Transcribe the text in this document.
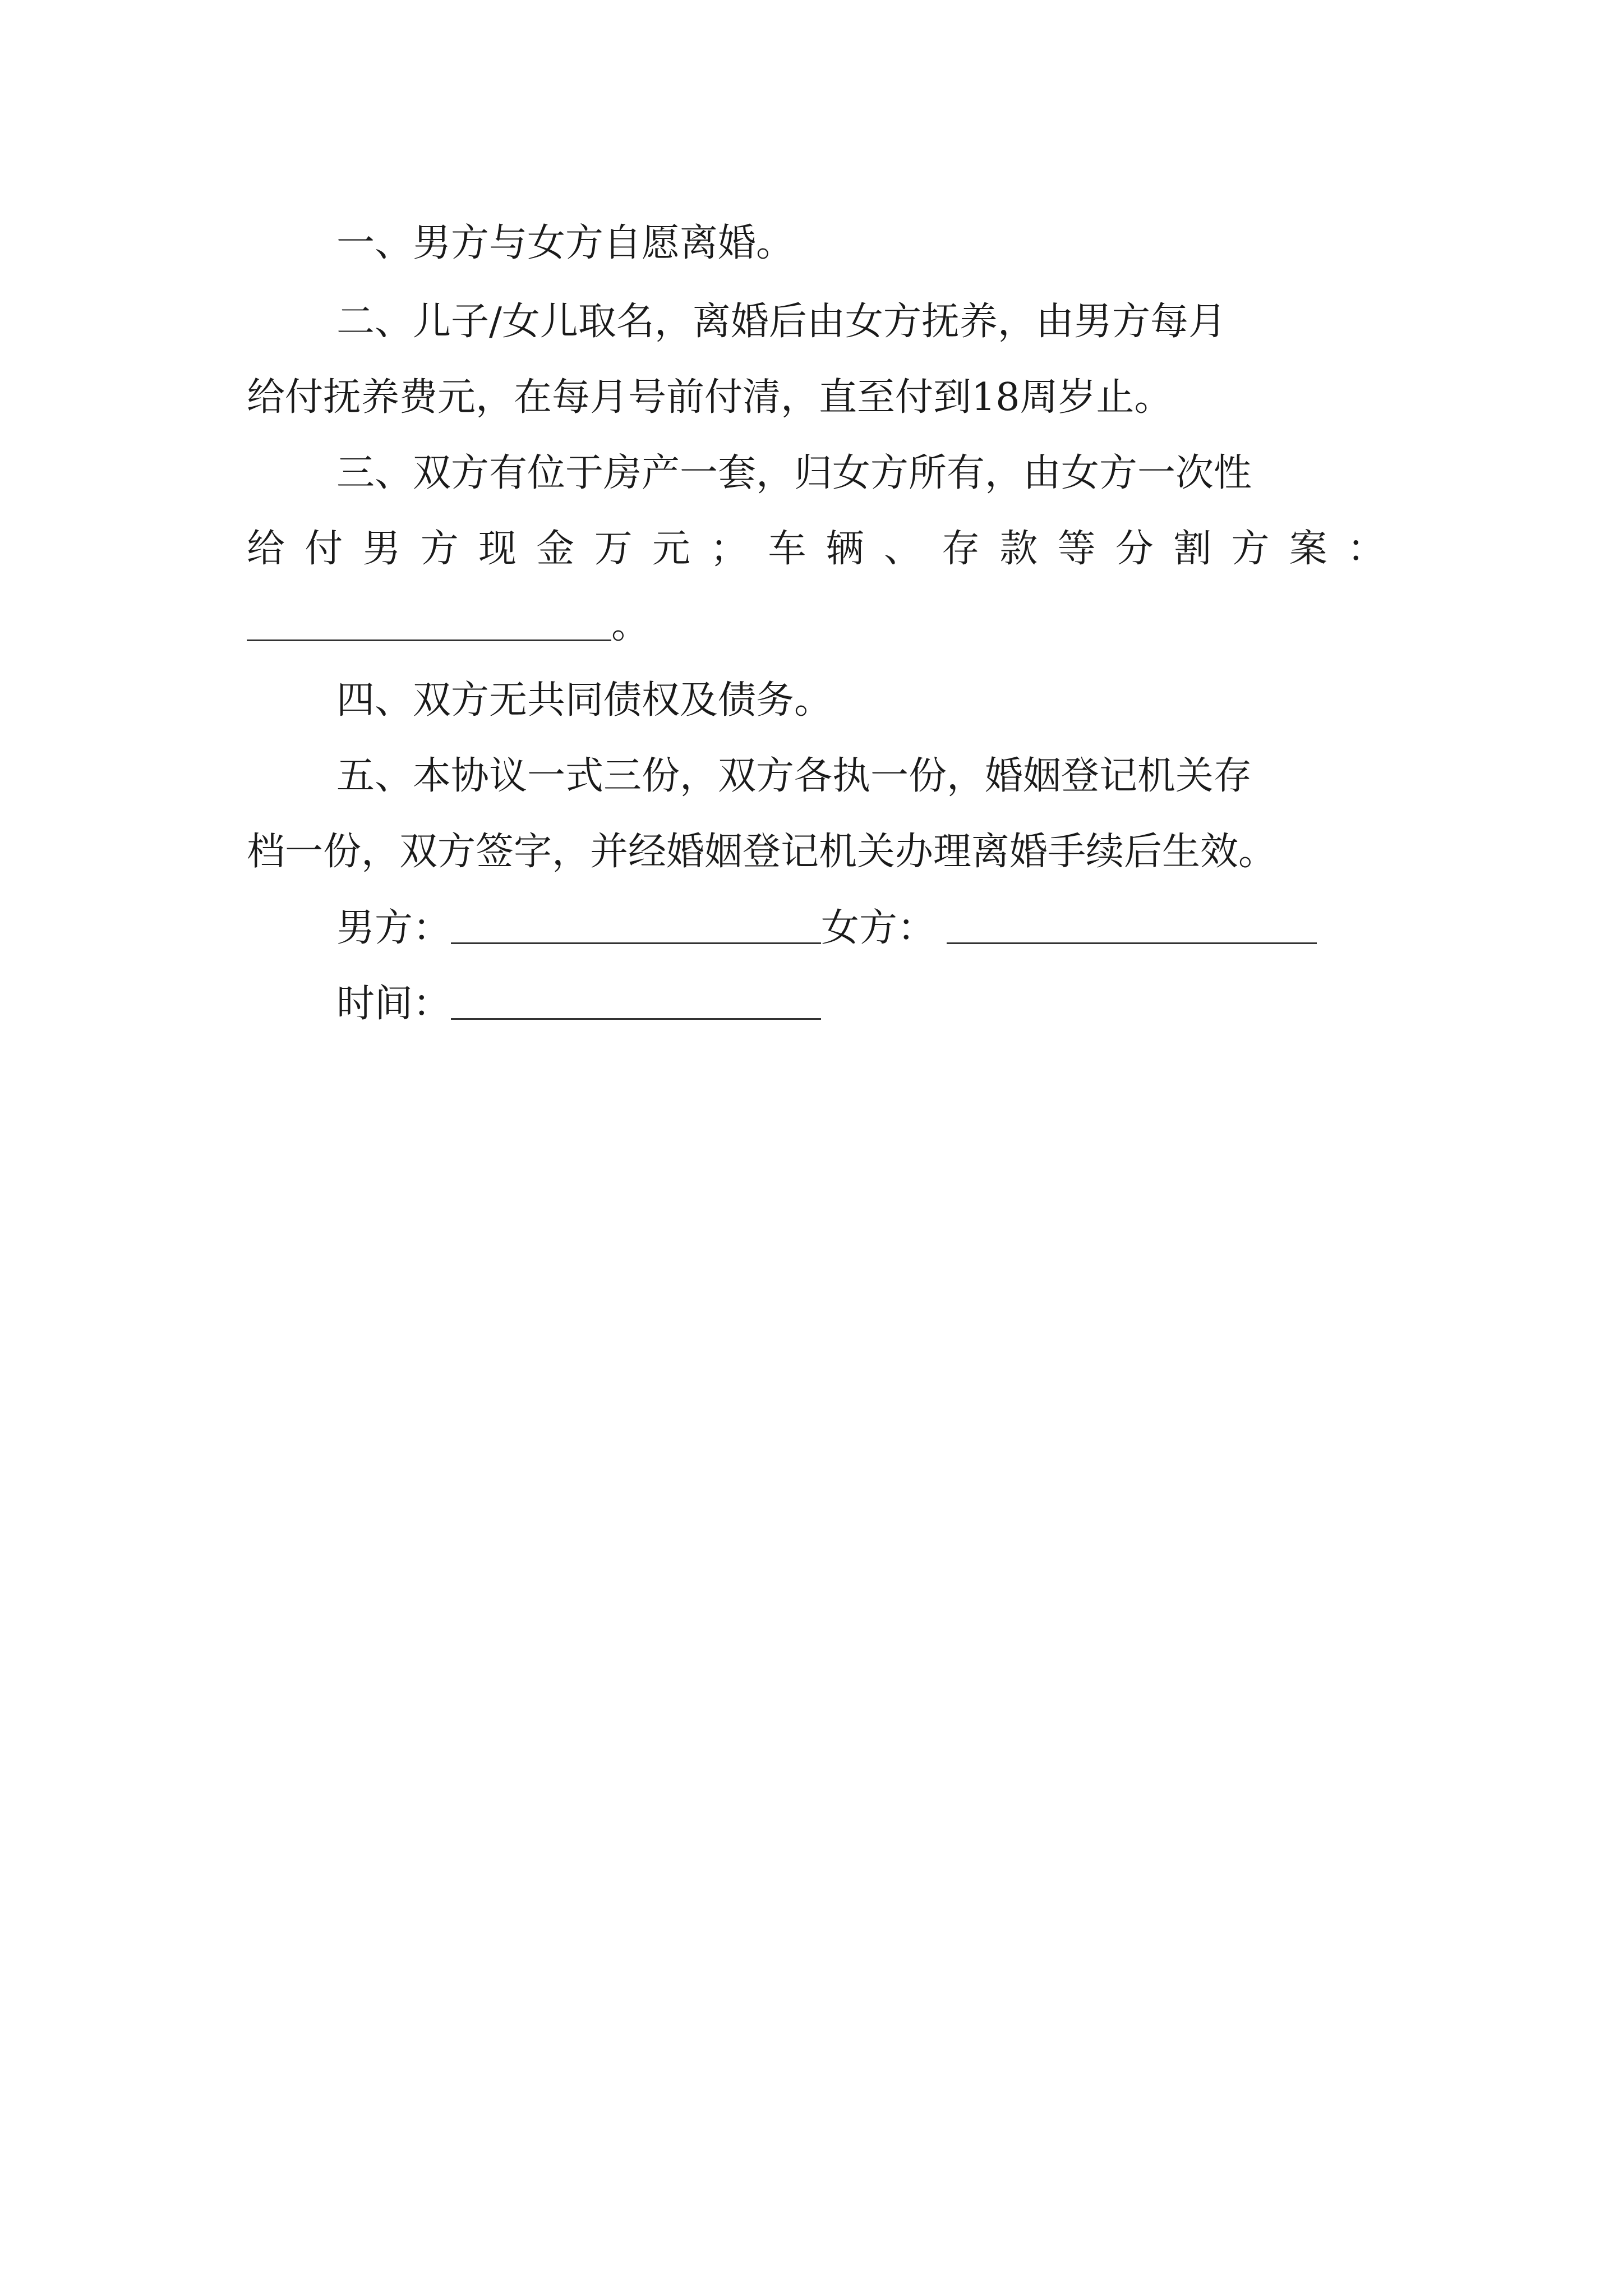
一、男方与女方自愿离婚。
二、儿子/女儿取名，离婚后由女方抚养，由男方每月
给付抚养费元，在每月号前付清，直至付到18周岁止。
三、双方有位于房产一套，归女方所有，由女方一次性
给付男方现金万元；车辆、存款等分割方案：
。
四、双方无共同债权及债务。
五、本协议一式三份，双方各执一份，婚姻登记机关存
档一份，双方签字，并经婚姻登记机关办理离婚手续后生效。
男方：	女方：
时间：
